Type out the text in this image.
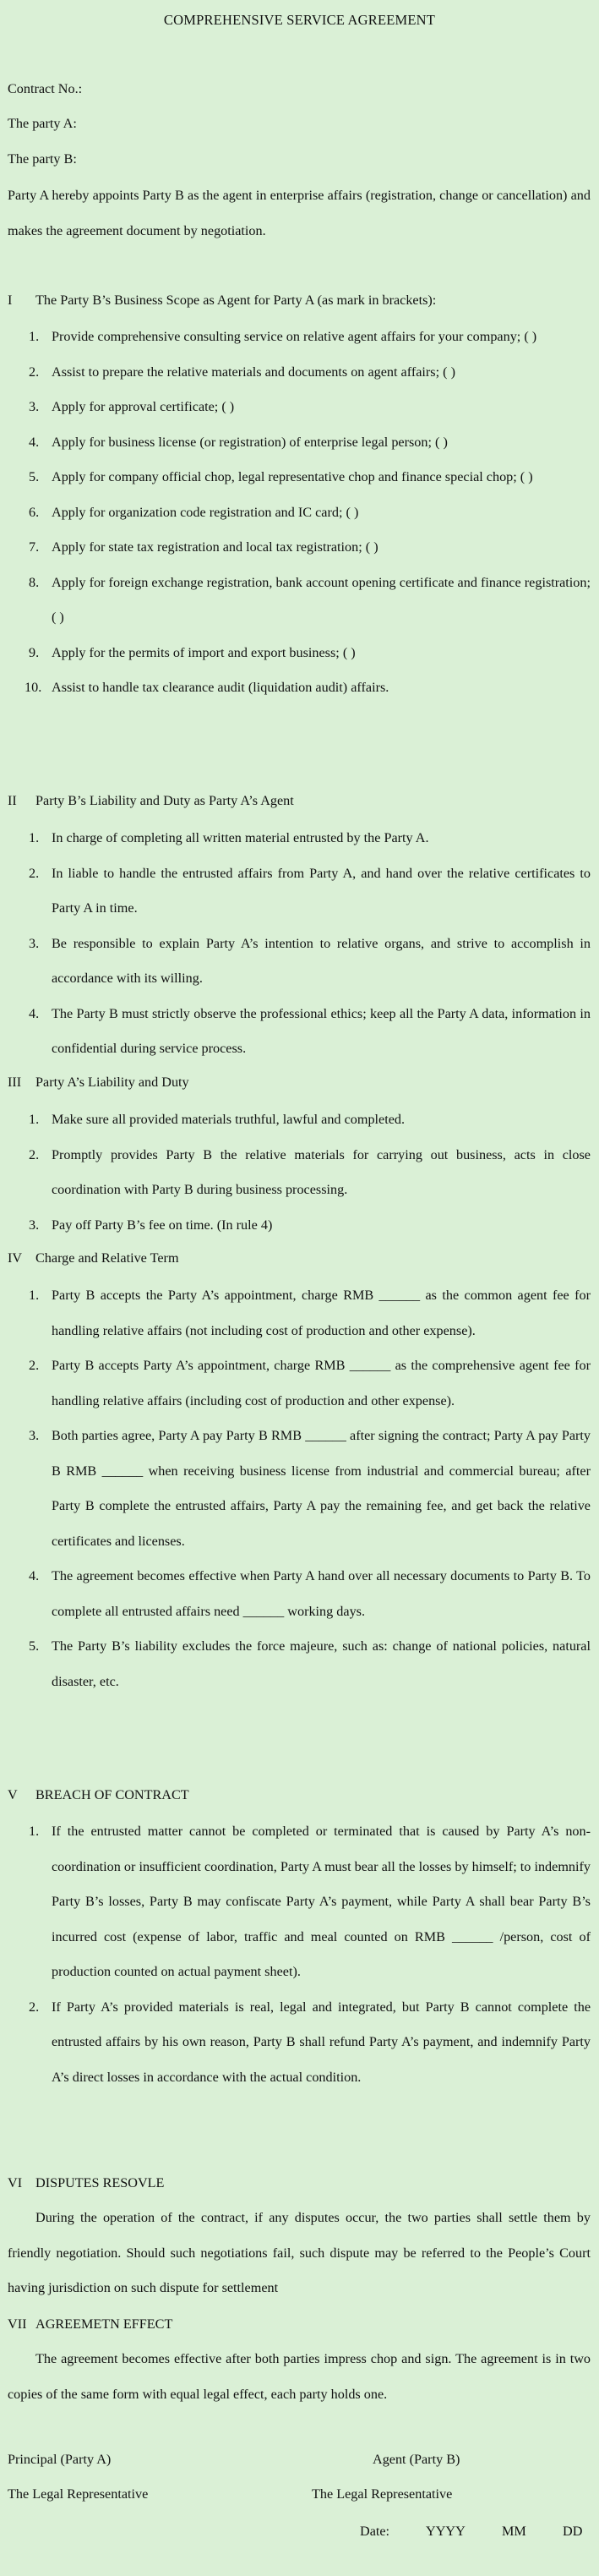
COMPREHENSIVE SERVICE AGREEMENT
Contract No.:
The party A:
The party B:
Party A hereby appoints Party B as the agent in enterprise affairs (registration, change or cancellation) and makes the agreement document by negotiation.
I The Party B’s Business Scope as Agent for Party A (as mark in brackets):
1. Provide comprehensive consulting service on relative agent affairs for your company; ( )
2. Assist to prepare the relative materials and documents on agent affairs; ( )
3. Apply for approval certificate; ( )
4. Apply for business license (or registration) of enterprise legal person; ( )
5. Apply for company official chop, legal representative chop and finance special chop; ( )
6. Apply for organization code registration and IC card; ( )
7. Apply for state tax registration and local tax registration; ( )
8. Apply for foreign exchange registration, bank account opening certificate and finance registration; ( )
9. Apply for the permits of import and export business; ( )
10. Assist to handle tax clearance audit (liquidation audit) affairs.
II Party B’s Liability and Duty as Party A’s Agent
1. In charge of completing all written material entrusted by the Party A.
2. In liable to handle the entrusted affairs from Party A, and hand over the relative certificates to Party A in time.
3. Be responsible to explain Party A’s intention to relative organs, and strive to accomplish in accordance with its willing.
4. The Party B must strictly observe the professional ethics; keep all the Party A data, information in confidential during service process.
III Party A’s Liability and Duty
1. Make sure all provided materials truthful, lawful and completed.
2. Promptly provides Party B the relative materials for carrying out business, acts in close coordination with Party B during business processing.
3. Pay off Party B’s fee on time. (In rule 4)
IV Charge and Relative Term
1. Party B accepts the Party A’s appointment, charge RMB ______ as the common agent fee for handling relative affairs (not including cost of production and other expense).
2. Party B accepts Party A’s appointment, charge RMB ______ as the comprehensive agent fee for handling relative affairs (including cost of production and other expense).
3. Both parties agree, Party A pay Party B RMB ______ after signing the contract; Party A pay Party B RMB ______ when receiving business license from industrial and commercial bureau; after Party B complete the entrusted affairs, Party A pay the remaining fee, and get back the relative certificates and licenses.
4. The agreement becomes effective when Party A hand over all necessary documents to Party B. To complete all entrusted affairs need ______ working days.
5. The Party B’s liability excludes the force majeure, such as: change of national policies, natural disaster, etc.
V BREACH OF CONTRACT
1. If the entrusted matter cannot be completed or terminated that is caused by Party A’s non-coordination or insufficient coordination, Party A must bear all the losses by himself; to indemnify Party B’s losses, Party B may confiscate Party A’s payment, while Party A shall bear Party B’s incurred cost (expense of labor, traffic and meal counted on RMB ______ /person, cost of production counted on actual payment sheet).
2. If Party A’s provided materials is real, legal and integrated, but Party B cannot complete the entrusted affairs by his own reason, Party B shall refund Party A’s payment, and indemnify Party A’s direct losses in accordance with the actual condition.
VI DISPUTES RESOVLE
During the operation of the contract, if any disputes occur, the two parties shall settle them by friendly negotiation. Should such negotiations fail, such dispute may be referred to the People’s Court having jurisdiction on such dispute for settlement
VII AGREEMETN EFFECT
The agreement becomes effective after both parties impress chop and sign. The agreement is in two copies of the same form with equal legal effect, each party holds one.
Principal (Party A)	Agent (Party B)
The Legal Representative	The Legal Representative
Date:	YYYY	MM	DD
